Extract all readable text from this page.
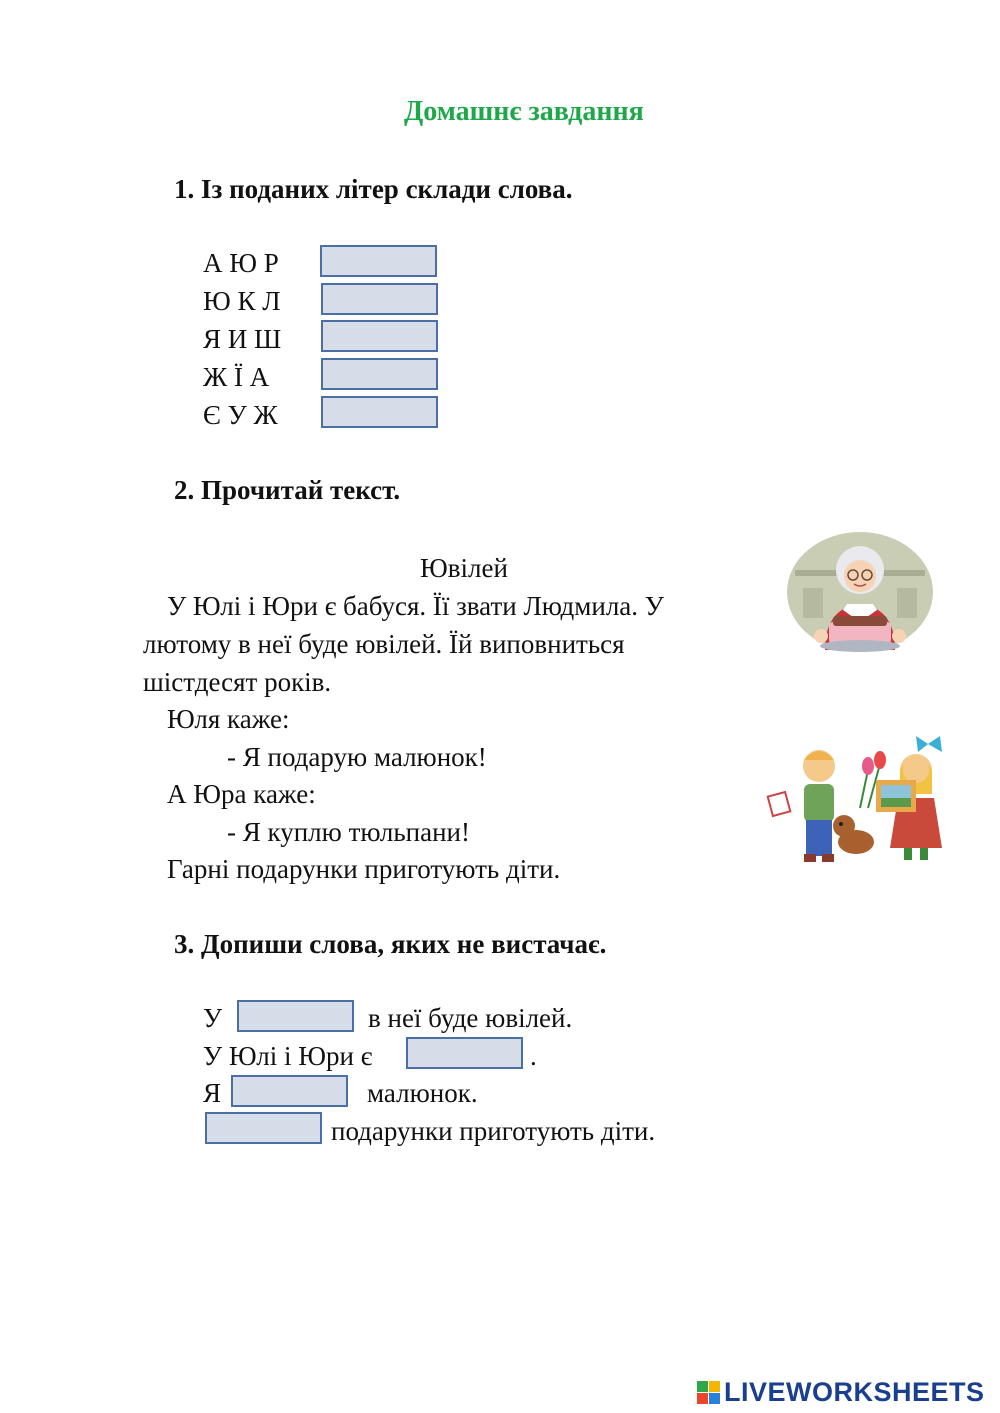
Домашнє завдання
1. Із поданих літер склади слова.
А Ю Р
Ю К Л
Я И Ш
Ж Ї А
Є У Ж
2. Прочитай текст.
Ювілей
У Юлі і Юри є бабуся. Її звати Людмила. У
лютому в неї буде ювілей. Їй виповниться
шістдесят років.
Юля каже:
- Я подарую малюнок!
А Юра каже:
- Я куплю тюльпани!
Гарні подарунки приготують діти.
3. Допиши слова, яких не вистачає.
У	в неї буде ювілей.
У Юлі і Юри є	.
Я	малюнок.
подарунки приготують діти.
LIVEWORKSHEETS
